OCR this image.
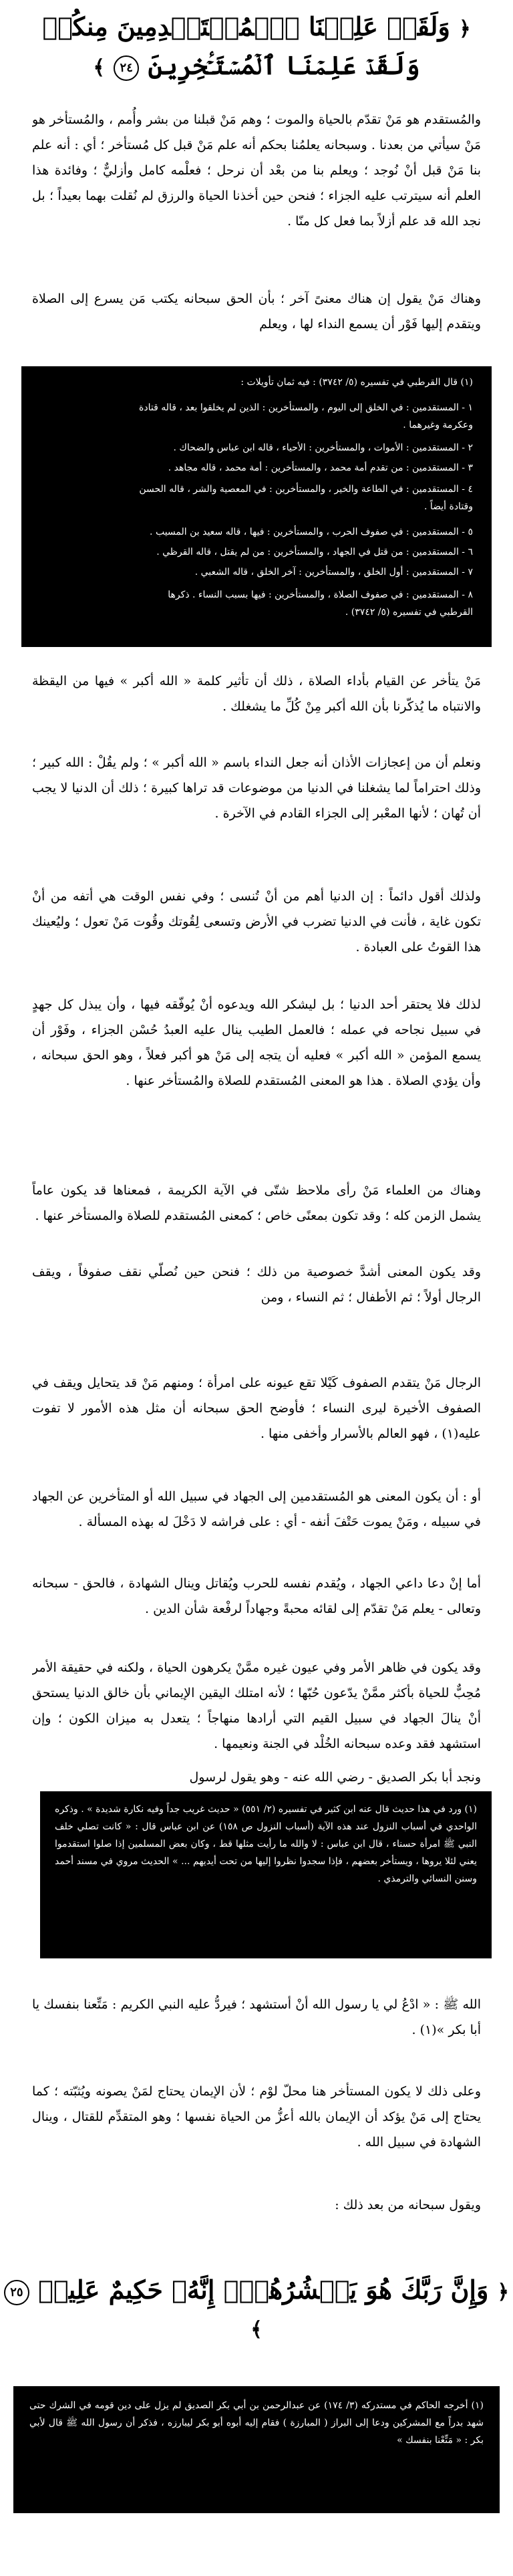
﴿ وَلَقَدۡ عَلِمۡنَا ٱلۡمُسۡتَقۡدِمِينَ مِنكُمۡ
وَلَقَدۡ عَلِمۡنَا ٱلۡمُسۡتَـٔۡخِرِينَ ٢٤ ﴾
والمُستقدم هو مَنْ تقدّم بالحياة والموت ؛ وهم مَنْ قبلنا من بشر وأُمم ، والمُستأخر هو مَنْ سيأتي من بعدنا . وسبحانه يعلمُنا بحكم أنه علم مَنْ قبل كل مُستأخر ؛ أي : أنه علم بنا مَنْ قبل أنْ نُوجد ؛ ويعلم بنا من بعْد أن نرحل ؛ فعلْمه كامل وأزليٌّ ؛ وفائدة هذا العلم أنه سيترتب عليه الجزاء ؛ فنحن حين أخذنا الحياة والرزق لم نُقلت بهما بعيداً ؛ بل نجد الله قد علم أزلاً بما فعل كل منّا .
وهناك مَنْ يقول إن هناك معنىً آخر ؛ بأن الحق سبحانه يكتب مَن يسرع إلى الصلاة ويتقدم إليها فَوْر أن يسمع النداء لها ، ويعلم
(١) قال القرطبي في تفسيره (٥/ ٣٧٤٢) : فيه ثمان تأويلات :
١ - المستقدمين : في الخلق إلى اليوم ، والمستأخرين : الذين لم يخلقوا بعد ، قاله قتادة
وعكرمة وغيرهما .
٢ - المستقدمين : الأموات ، والمستأخرين : الأحياء ، قاله ابن عباس والضحاك .
٣ - المستقدمين : من تقدم أمة محمد ، والمستأخرين : أمة محمد ، قاله مجاهد .
٤ - المستقدمين : في الطاعة والخير ، والمستأخرين : في المعصية والشر ، قاله الحسن
وقتادة أيضاً .
٥ - المستقدمين : في صفوف الحرب ، والمستأخرين : فيها ، قاله سعيد بن المسيب .
٦ - المستقدمين : من قتل في الجهاد ، والمستأخرين : من لم يقتل ، قاله القرظي .
٧ - المستقدمين : أول الخلق ، والمستأخرين : آخر الخلق ، قاله الشعبي .
٨ - المستقدمين : في صفوف الصلاة ، والمستأخرين : فيها بسبب النساء . ذكرها
القرطبي في تفسيره (٥/ ٣٧٤٢) .
مَنْ يتأخر عن القيام بأداء الصلاة ، ذلك أن تأثير كلمة « الله أكبر » فيها من اليقظة والانتباه ما يُذكّرنا بأن الله أكبر مِنْ كُلِّ ما يشغلك .
ونعلم أن من إعجازات الأذان أنه جعل النداء باسم « الله أكبر » ؛ ولم يقُلْ : الله كبير ؛ وذلك احتراماً لما يشغلنا في الدنيا من موضوعات قد تراها كبيرة ؛ ذلك أن الدنيا لا يجب أن تُهان ؛ لأنها المعْبر إلى الجزاء القادم في الآخرة .
ولذلك أقول دائماً : إن الدنيا أهم من أنْ تُنسى ؛ وفي نفس الوقت هي أتفه من أنْ تكون غاية ، فأنت في الدنيا تضرب في الأرض وتسعى لِقُوتك وقُوت مَنْ تعول ؛ وليُعينك هذا القوتُ على العبادة .
لذلك فلا يحتقر أحد الدنيا ؛ بل ليشكر الله ويدعوه أنْ يُوفّقه فيها ، وأن يبذل كل جهدٍ في سبيل نجاحه في عمله ؛ فالعمل الطيب ينال عليه العبدُ حُسْن الجزاء ، وفَوْر أن يسمع المؤمن « الله أكبر » فعليه أن يتجه إلى مَنْ هو أكبر فعلاً ، وهو الحق سبحانه ، وأن يؤدي الصلاة . هذا هو المعنى المُستقدم للصلاة والمُستأخر عنها .
وهناك من العلماء مَنْ رأى ملاحظ شتّى في الآية الكريمة ، فمعناها قد يكون عاماً يشمل الزمن كله ؛ وقد تكون بمعنًى خاص ؛ كمعنى المُستقدم للصلاة والمستأخر عنها .
وقد يكون المعنى أشدَّ خصوصية من ذلك ؛ فنحن حين نُصلّي نقف صفوفاً ، ويقف الرجال أولاً ؛ ثم الأطفال ؛ ثم النساء ، ومن
الرجال مَنْ يتقدم الصفوف كَيْلا تقع عيونه على امرأة ؛ ومنهم مَنْ قد يتحايل ويقف في الصفوف الأخيرة ليرى النساء ؛ فأوضح الحق سبحانه أن مثل هذه الأمور لا تفوت عليه(١) ، فهو العالم بالأسرار وأخفى منها .
أو : أن يكون المعنى هو المُستقدمين إلى الجهاد في سبيل الله أو المتأخرين عن الجهاد في سبيله ، ومَنْ يموت حَتْفَ أنفه - أي : على فراشه لا دَخْلَ له بهذه المسألة .
أما إنْ دعا داعي الجهاد ، ويُقدم نفسه للحرب ويُقاتل وينال الشهادة ، فالحق - سبحانه وتعالى - يعلم مَنْ تقدّم إلى لقائه محبةً وجهاداً لرفْعة شأن الدين .
وقد يكون في ظاهر الأمر وفي عيون غيره ممَّنْ يكرهون الحياة ، ولكنه في حقيقة الأمر مُحِبٌّ للحياة بأكثر ممَّنْ يدّعون حُبّها ؛ لأنه امتلك اليقين الإيماني بأن خالق الدنيا يستحق أنْ ينالَ الجهاد في سبيل القيم التي أرادها منهاجاً ؛ يتعدل به ميزان الكون ؛ وإن استشهد فقد وعده سبحانه الخُلْد في الجنة ونعيمها .
ونجد أبا بكر الصديق - رضي الله عنه - وهو يقول لرسول
(١) ورد في هذا حديث قال عنه ابن كثير في تفسيره (٢/ ٥٥١) « حديث غريب جداً وفيه نكارة شديدة » . وذكره الواحدي في أسباب النزول عند هذه الآية (أسباب النزول ص ١٥٨) عن ابن عباس قال : « كانت تصلي خلف النبي ﷺ امرأة حسناء ، قال ابن عباس : لا والله ما رأيت مثلها قط ، وكان بعض المسلمين إذا صلوا استقدموا يعني لئلا يروها ، ويستأخر بعضهم ، فإذا سجدوا نظروا إليها من تحت أيديهم ... » الحديث مروي في مسند أحمد وسنن النسائي والترمذي .
الله ﷺ : « ادْعُ لي يا رسول الله أنْ أستشهد ؛ فيردُّ عليه النبي الكريم : مَتِّعنا بنفسك يا أبا بكر »(١) .
وعلى ذلك لا يكون المستأخر هنا محلّ لوْم ؛ لأن الإيمان يحتاج لمَنْ يصونه ويُثبّته ؛ كما يحتاج إلى مَنْ يؤكد أن الإيمان بالله أعزُّ من الحياة نفسها ؛ وهو المتقدِّم للقتال ، وينال الشهادة في سبيل الله .
ويقول سبحانه من بعد ذلك :
﴿ وَإِنَّ رَبَّكَ هُوَ يَحۡشُرُهُمۡۚ إِنَّهُۥ حَكِيمٌ عَلِيمٞ ٢٥ ﴾
(١) أخرجه الحاكم في مستدركه (٣/ ١٧٤) عن عبدالرحمن بن أبي بكر الصديق لم يزل على دين قومه في الشرك حتى شهد بدراً مع المشركين ودعا إلى البراز ( المبارزة ) فقام إليه أبوه أبو بكر ليبارزه ، فذكر أن رسول الله ﷺ قال لأبي بكر : « مَتِّعْنا بنفسك »
